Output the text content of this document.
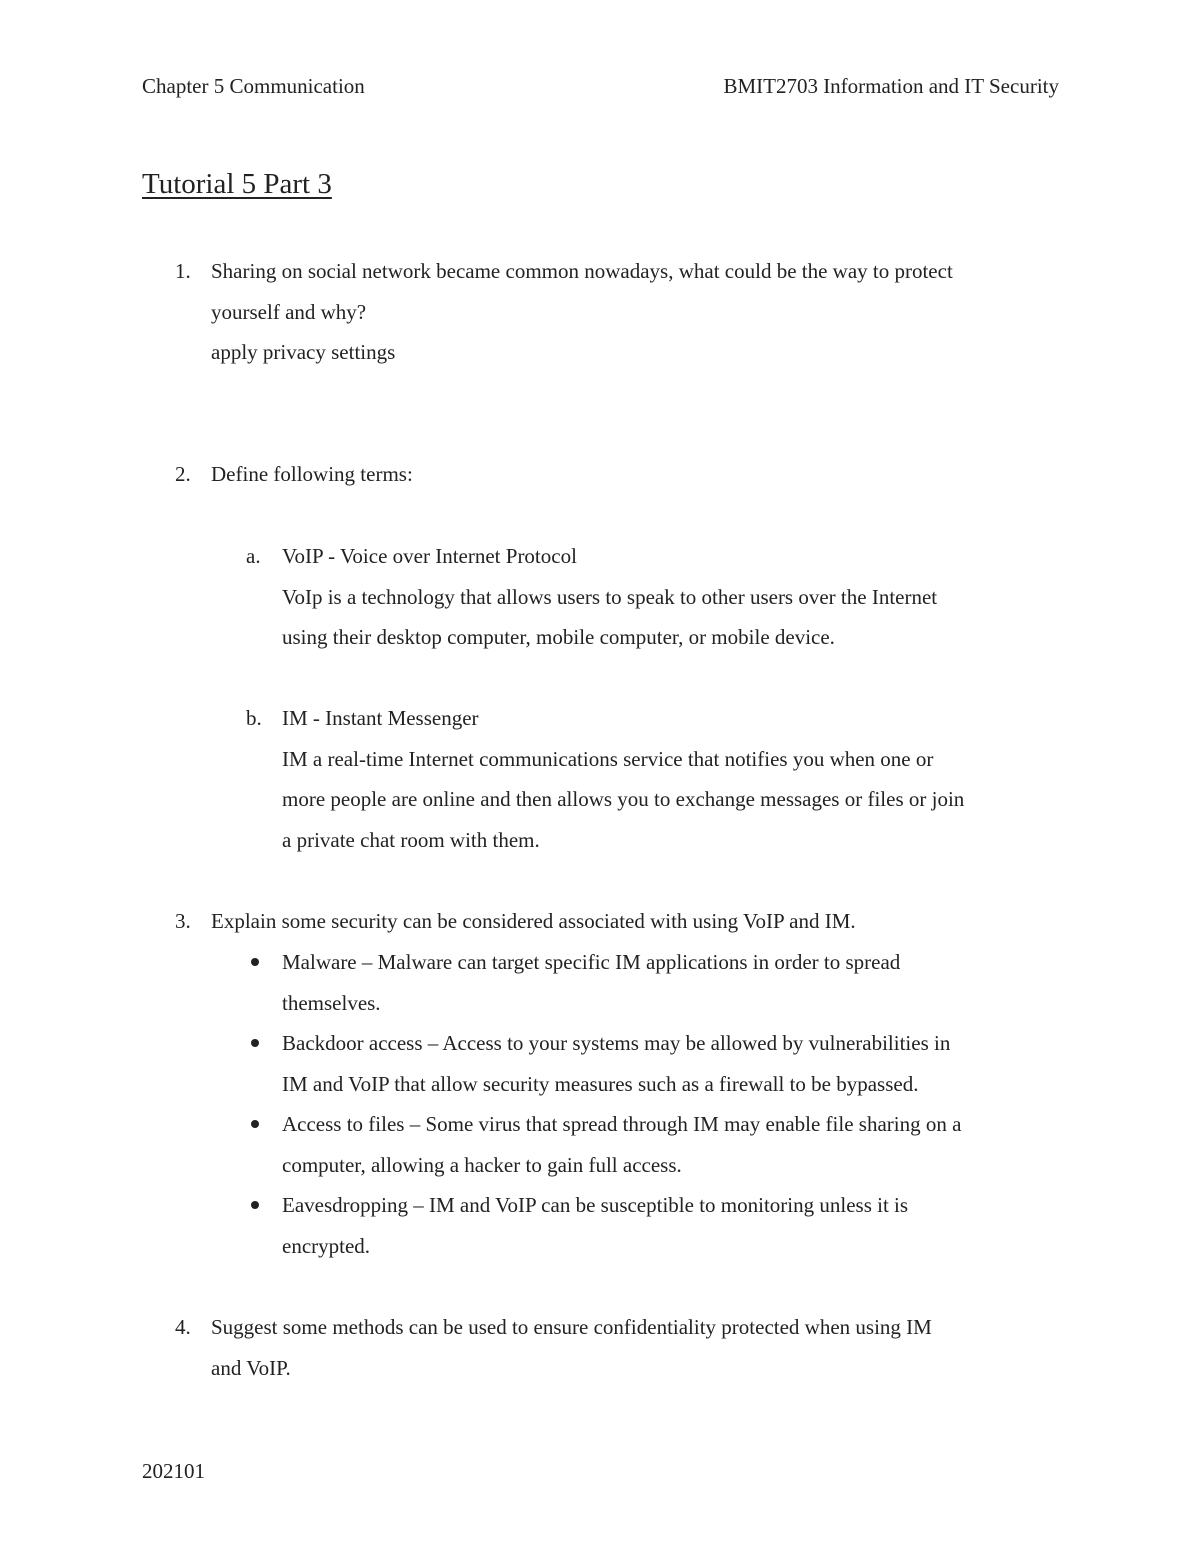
Chapter 5 Communication	BMIT2703 Information and IT Security
Tutorial 5 Part 3
1. Sharing on social network became common nowadays, what could be the way to protect
yourself and why?
apply privacy settings
2. Define following terms:
a. VoIP - Voice over Internet Protocol
VoIp is a technology that allows users to speak to other users over the Internet
using their desktop computer, mobile computer, or mobile device.
b. IM - Instant Messenger
IM a real-time Internet communications service that notifies you when one or
more people are online and then allows you to exchange messages or files or join
a private chat room with them.
3. Explain some security can be considered associated with using VoIP and IM.
Malware – Malware can target specific IM applications in order to spread
themselves.
Backdoor access – Access to your systems may be allowed by vulnerabilities in
IM and VoIP that allow security measures such as a firewall to be bypassed.
Access to files – Some virus that spread through IM may enable file sharing on a
computer, allowing a hacker to gain full access.
Eavesdropping – IM and VoIP can be susceptible to monitoring unless it is
encrypted.
4. Suggest some methods can be used to ensure confidentiality protected when using IM
and VoIP.
202101
